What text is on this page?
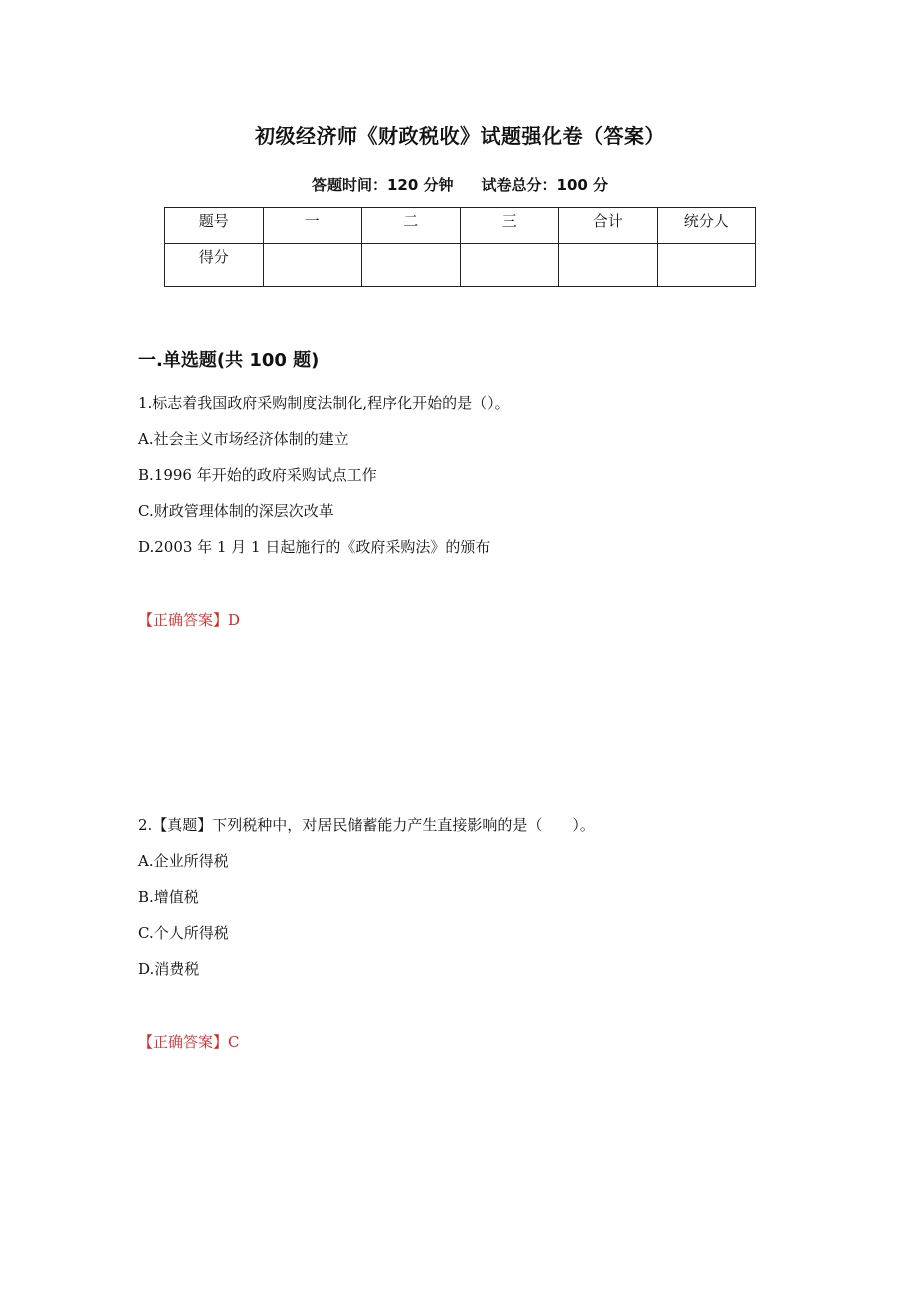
初级经济师《财政税收》试题强化卷（答案）
答题时间：120 分钟 试卷总分：100 分
题号	一	二	三	合计	统分人
得分					
一.单选题(共 100 题)
1.标志着我国政府采购制度法制化,程序化开始的是（）。
A.社会主义市场经济体制的建立
B.1996 年开始的政府采购试点工作
C.财政管理体制的深层次改革
D.2003 年 1 月 1 日起施行的《政府采购法》的颁布
【正确答案】D
2.【真题】下列税种中，对居民储蓄能力产生直接影响的是（　　）。
A.企业所得税
B.增值税
C.个人所得税
D.消费税
【正确答案】C
